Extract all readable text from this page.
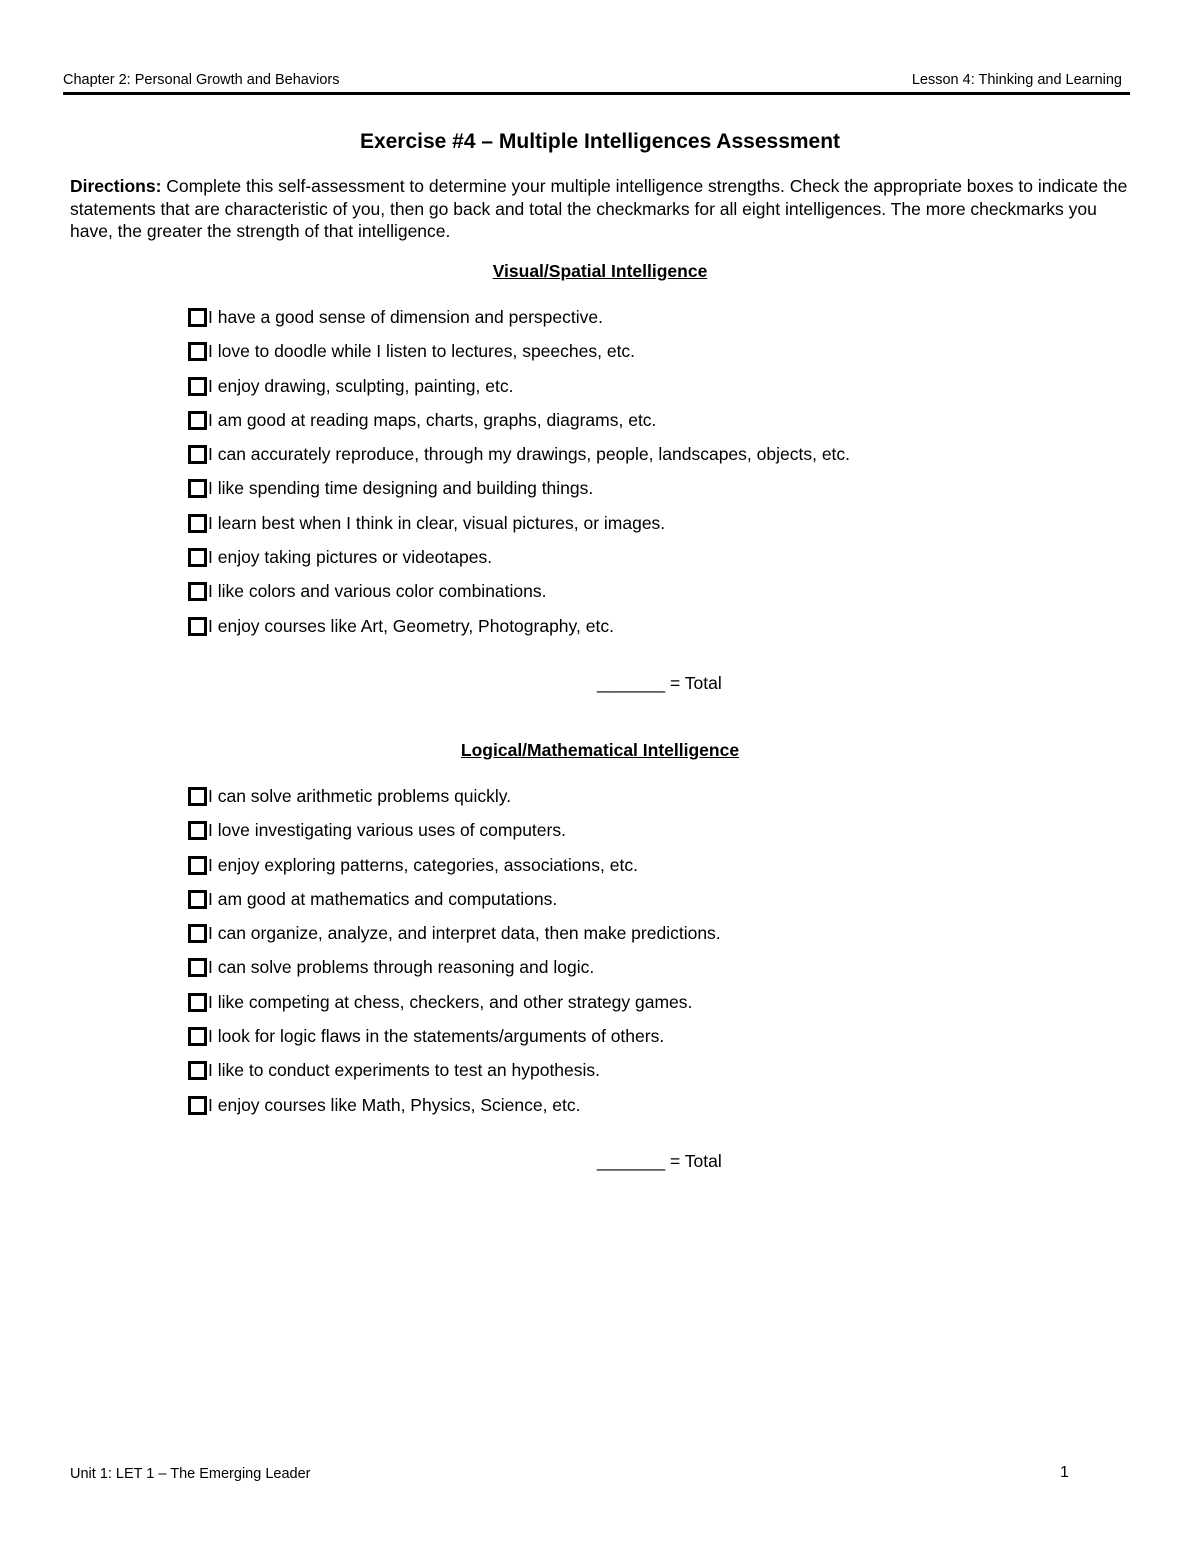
Chapter 2: Personal Growth and Behaviors	Lesson 4: Thinking and Learning
Exercise #4 – Multiple Intelligences Assessment
Directions: Complete this self-assessment to determine your multiple intelligence strengths. Check the appropriate boxes to indicate the statements that are characteristic of you, then go back and total the checkmarks for all eight intelligences. The more checkmarks you have, the greater the strength of that intelligence.
Visual/Spatial Intelligence
I have a good sense of dimension and perspective.
I love to doodle while I listen to lectures, speeches, etc.
I enjoy drawing, sculpting, painting, etc.
I am good at reading maps, charts, graphs, diagrams, etc.
I can accurately reproduce, through my drawings, people, landscapes, objects, etc.
I like spending time designing and building things.
I learn best when I think in clear, visual pictures, or images.
I enjoy taking pictures or videotapes.
I like colors and various color combinations.
I enjoy courses like Art, Geometry, Photography, etc.
_______ = Total
Logical/Mathematical Intelligence
I can solve arithmetic problems quickly.
I love investigating various uses of computers.
I enjoy exploring patterns, categories, associations, etc.
I am good at mathematics and computations.
I can organize, analyze, and interpret data, then make predictions.
I can solve problems through reasoning and logic.
I like competing at chess, checkers, and other strategy games.
I look for logic flaws in the statements/arguments of others.
I like to conduct experiments to test an hypothesis.
I enjoy courses like Math, Physics, Science, etc.
_______ = Total
Unit 1: LET 1 – The Emerging Leader	1
